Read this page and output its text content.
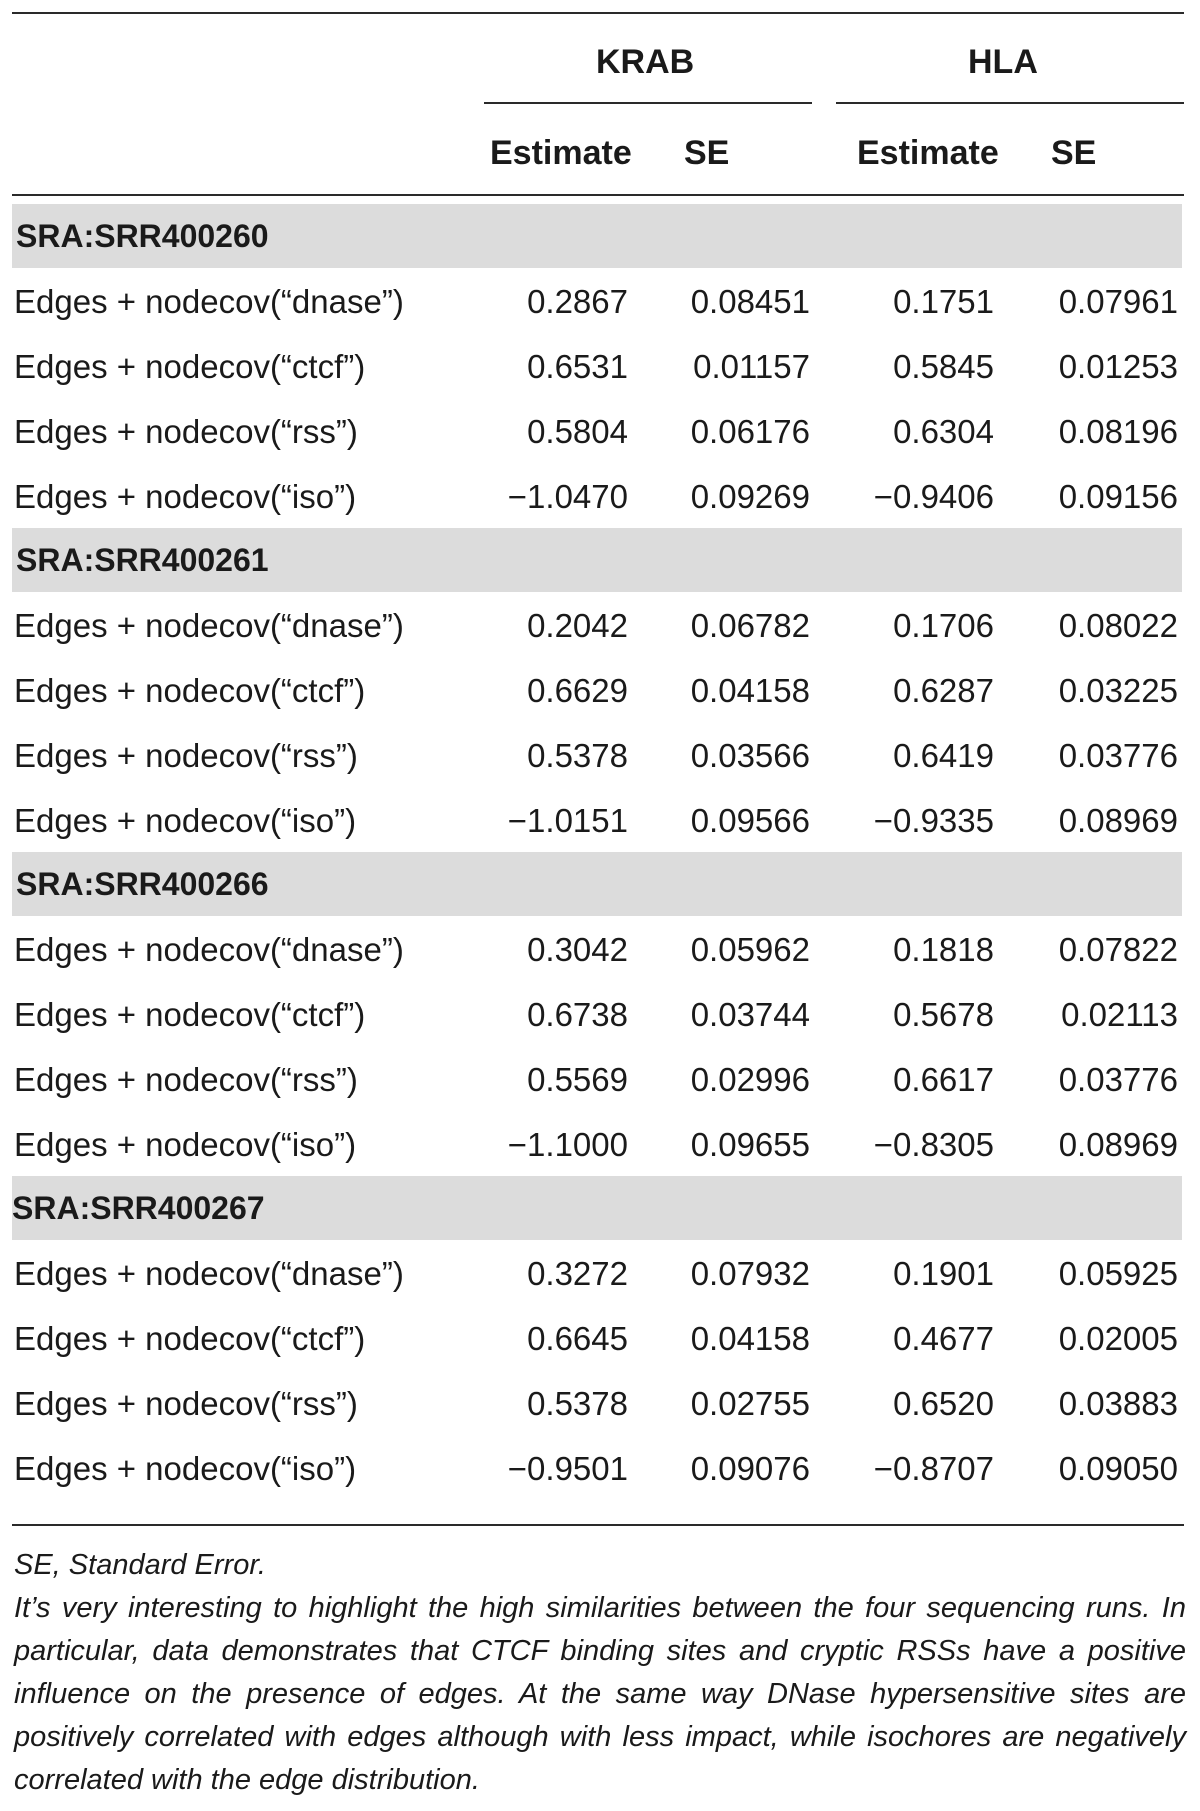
KRAB	HLA
Estimate SE	Estimate SE
SRA:SRR400260
Edges + nodecov(“dnase”)	0.2867 0.08451	0.1751 0.07961
Edges + nodecov(“ctcf”)	0.6531	0.01157	0.5845 0.01253
Edges + nodecov(“rss”)	0.5804 0.06176	0.6304 0.08196
Edges + nodecov(“iso”)	−1.0470 0.09269 −0.9406 0.09156
SRA:SRR400261
Edges + nodecov(“dnase”)	0.2042 0.06782	0.1706 0.08022
Edges + nodecov(“ctcf”)	0.6629 0.04158	0.6287 0.03225
Edges + nodecov(“rss”)	0.5378 0.03566	0.6419 0.03776
Edges + nodecov(“iso”)	−1.0151 0.09566 −0.9335 0.08969
SRA:SRR400266
Edges + nodecov(“dnase”)	0.3042 0.05962	0.1818 0.07822
Edges + nodecov(“ctcf”)	0.6738 0.03744	0.5678	0.02113
Edges + nodecov(“rss”)	0.5569 0.02996	0.6617 0.03776
Edges + nodecov(“iso”)	−1.1000 0.09655 −0.8305 0.08969
SRA:SRR400267
Edges + nodecov(“dnase”)	0.3272 0.07932	0.1901 0.05925
Edges + nodecov(“ctcf”)	0.6645 0.04158	0.4677 0.02005
Edges + nodecov(“rss”)	0.5378 0.02755	0.6520 0.03883
Edges + nodecov(“iso”)	−0.9501 0.09076 −0.8707 0.09050
SE, Standard Error.
It’s very interesting to highlight the high similarities between the four sequencing runs. In particular, data demonstrates that CTCF binding sites and cryptic RSSs have a positive influence on the presence of edges. At the same way DNase hypersensitive sites are positively correlated with edges although with less impact, while isochores are negatively correlated with the edge distribution.
